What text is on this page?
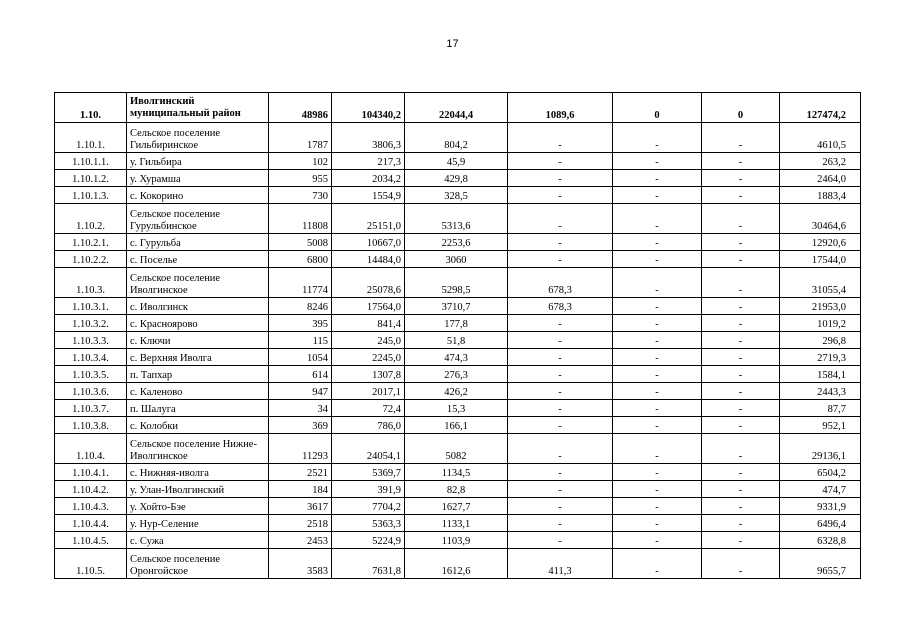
17
1.10.	Иволгинский муниципальный район	48986	104340,2	22044,4	1089,6	0	0	127474,2
1.10.1.	Сельское поселение Гильбиринское	1787	3806,3	804,2	-	-	-	4610,5
1.10.1.1.	у. Гильбира	102	217,3	45,9	-	-	-	263,2
1.10.1.2.	у. Хурамша	955	2034,2	429,8	-	-	-	2464,0
1.10.1.3.	с. Кокорино	730	1554,9	328,5	-	-	-	1883,4
1.10.2.	Сельское поселение Гурульбинское	11808	25151,0	5313,6	-	-	-	30464,6
1.10.2.1.	с. Гурульба	5008	10667,0	2253,6	-	-	-	12920,6
1.10.2.2.	с. Поселье	6800	14484,0	3060	-	-	-	17544,0
1.10.3.	Сельское поселение Иволгинское	11774	25078,6	5298,5	678,3	-	-	31055,4
1.10.3.1.	с. Иволгинск	8246	17564,0	3710,7	678,3	-	-	21953,0
1.10.3.2.	с. Красноярово	395	841,4	177,8	-	-	-	1019,2
1.10.3.3.	с. Ключи	115	245,0	51,8	-	-	-	296,8
1.10.3.4.	с. Верхняя Иволга	1054	2245,0	474,3	-	-	-	2719,3
1.10.3.5.	п. Тапхар	614	1307,8	276,3	-	-	-	1584,1
1.10.3.6.	с. Каленово	947	2017,1	426,2	-	-	-	2443,3
1.10.3.7.	п. Шалуга	34	72,4	15,3	-	-	-	87,7
1.10.3.8.	с. Колобки	369	786,0	166,1	-	-	-	952,1
1.10.4.	Сельское поселение Нижне-Иволгинское	11293	24054,1	5082	-	-	-	29136,1
1.10.4.1.	с. Нижняя-иволга	2521	5369,7	1134,5	-	-	-	6504,2
1.10.4.2.	у. Улан-Иволгинский	184	391,9	82,8	-	-	-	474,7
1.10.4.3.	у. Хойто-Бэе	3617	7704,2	1627,7	-	-	-	9331,9
1.10.4.4.	у. Нур-Селение	2518	5363,3	1133,1	-	-	-	6496,4
1.10.4.5.	с. Сужа	2453	5224,9	1103,9	-	-	-	6328,8
1.10.5.	Сельское поселение Оронгойское	3583	7631,8	1612,6	411,3	-	-	9655,7
